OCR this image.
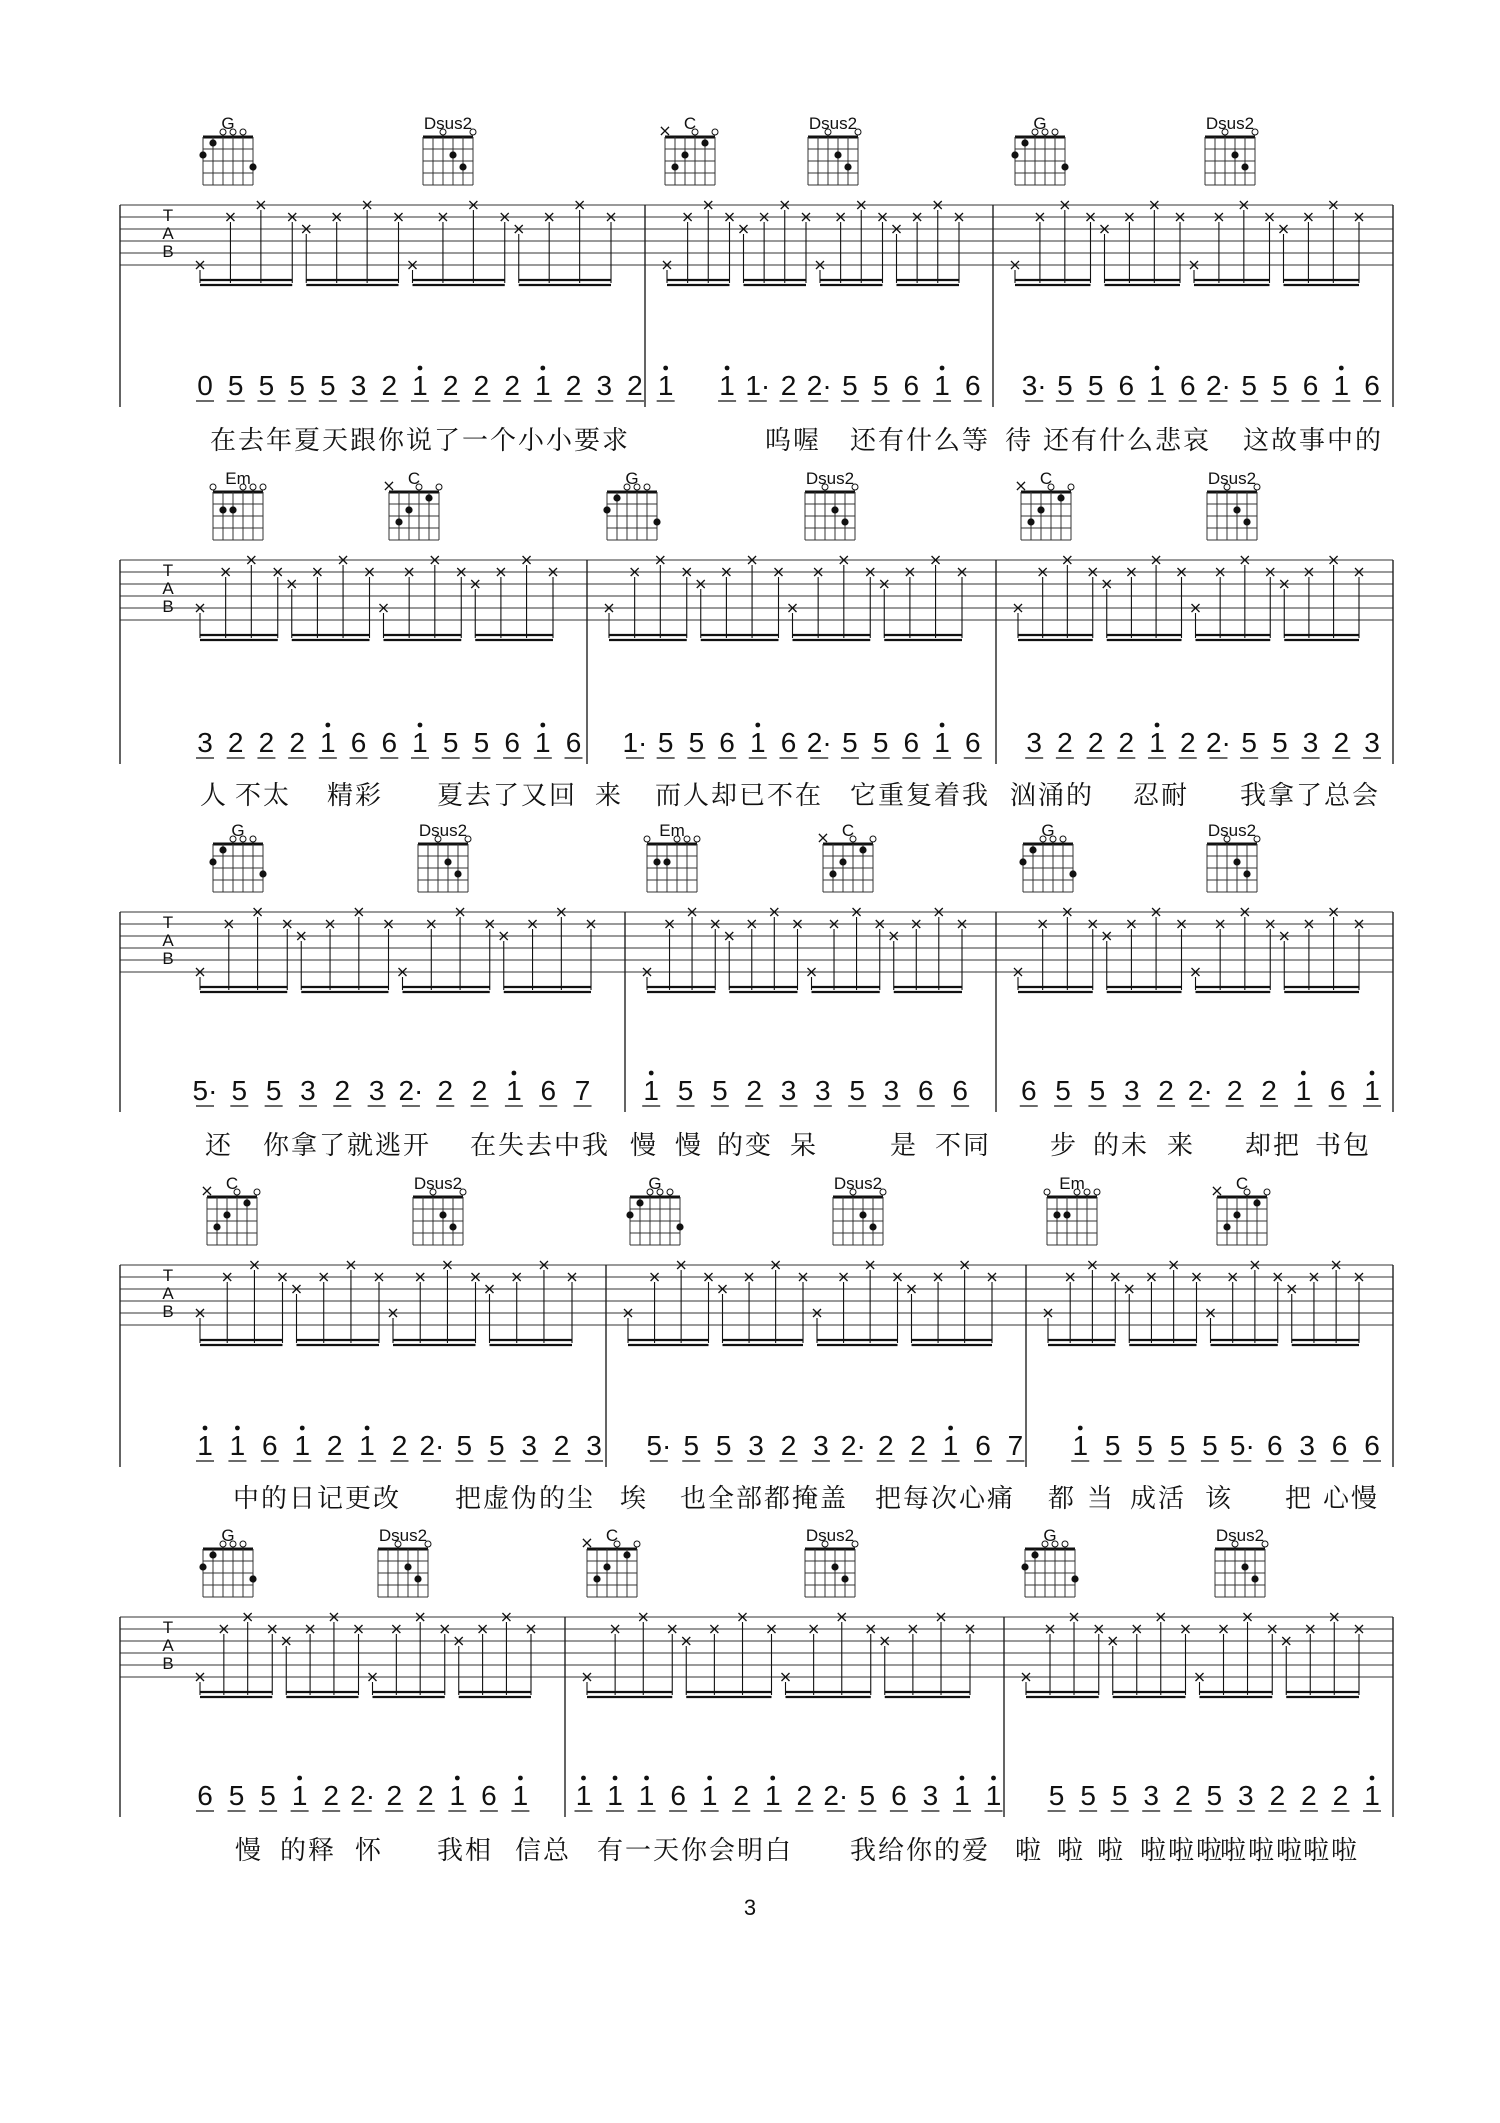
在去年夏天跟你说了一个小小要求	呜喔 还有什么等 待 还有什么悲哀 这故事中的
人 不太 精彩 夏去了又回 来 而人却已不在 它重复着我 汹涌的 忍耐 我拿了总会
还 你拿了就逃开 在失去中我 慢 慢 的变 呆	是 不同 步 的未 来 却把 书包
中的日记更改 把虚伪的尘 埃 也全部都掩盖 把每次心痛 都 当 成活 该 把 心慢
慢 的释 怀 我相 信总 有一天你会明白 我给你的爱 啦 啦 啦 啦啦啦
啦啦啦
啦啦
3
T
A
B
G	Dsus2	C
×	Dsus2	G	Dsus2
0 5 5 5 5 3 2 1 2 2 2 1 2 3 2 1 1 1· 2 2· 5 5 6 1 6 3· 5 5 6 1 6 2· 5 5 6 1 6
T
A
B
Em	C
×	G	Dsus2	C
×	Dsus2
3 2 2 2 1 6 6 1 5 5 6 1 6 1· 5 5 6 1 6 2· 5 5 6 1 6 3 2 2 2 1 2 2· 5 5 3 2 3
T
A
B
G	Dsus2	Em	C
×	G	Dsus2
5· 5 5 3 2 3 2· 2 2 1 6 7 1 5 5 2 3 3 5 3 6 6 6 5 5 3 2 2· 2 2 1 6 1
T
A
B
C
×	Dsus2	G	Dsus2	Em	C
×
1 1 6 1 2 1 2 2· 5 5 3 2 3 5· 5 5 3 2 3 2· 2 2 1 6 7 1 5 5 5 5 5· 6 3 6 6
T
A
B
G	Dsus2	C
×	Dsus2	G	Dsus2
6 5 5 1 2 2· 2 2 1 6 1 1 1 1 6 1 2 1 2 2· 5 6 3 1 1 5 5 5 3 2 5 3 2 2 2 1
